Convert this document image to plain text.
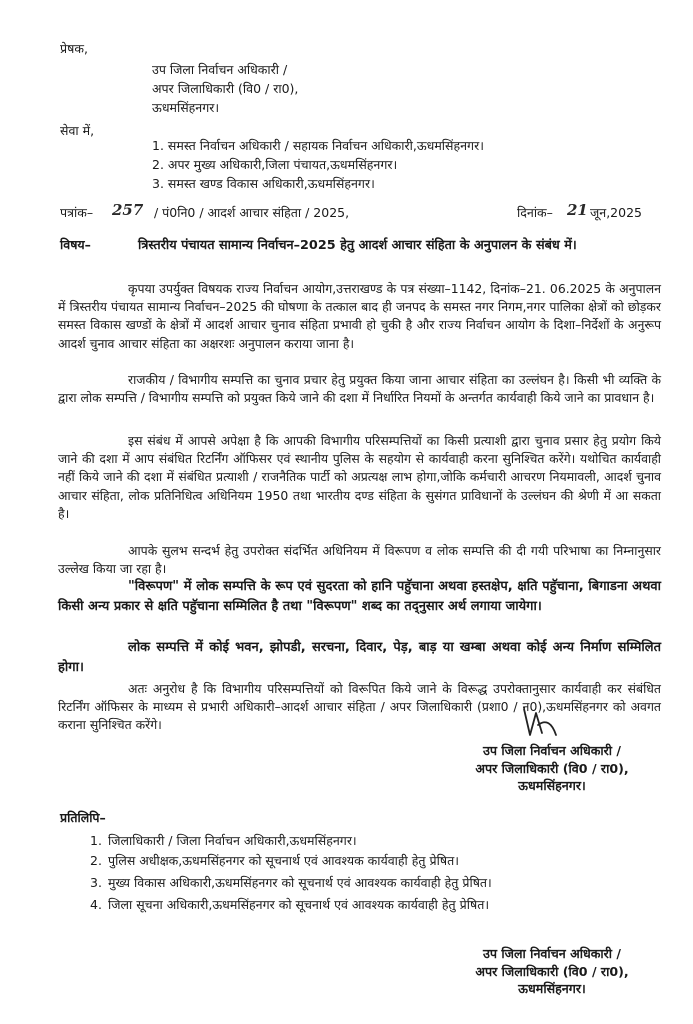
प्रेषक,
उप जिला निर्वाचन अधिकारी /
अपर जिलाधिकारी (वि0 / रा0),
ऊधमसिंहनगर।
सेवा में,
1. समस्त निर्वाचन अधिकारी / सहायक निर्वाचन अधिकारी,ऊधमसिंहनगर।
2. अपर मुख्य अधिकारी,जिला पंचायत,ऊधमसिंहनगर।
3. समस्त खण्ड विकास अधिकारी,ऊधमसिंहनगर।
पत्रांक– 257 / पं0नि0 / आदर्श आचार संहिता / 2025,	दिनांक– 21 जून,2025
विषय–	त्रिस्तरीय पंचायत सामान्य निर्वाचन–2025 हेतु आदर्श आचार संहिता के अनुपालन के संबंध में।
कृपया उपर्युक्त विषयक राज्य निर्वाचन आयोग,उत्तराखण्ड के पत्र संख्या–1142, दिनांक–21. 06.2025 के अनुपालन में त्रिस्तरीय पंचायत सामान्य निर्वाचन–2025 की घोषणा के तत्काल बाद ही जनपद के समस्त नगर निगम,नगर पालिका क्षेत्रों को छोड़कर समस्त विकास खण्डों के क्षेत्रों में आदर्श आचार चुनाव संहिता प्रभावी हो चुकी है और राज्य निर्वाचन आयोग के दिशा–निर्देशों के अनुरूप आदर्श चुनाव आचार संहिता का अक्षरशः अनुपालन कराया जाना है।
राजकीय / विभागीय सम्पत्ति का चुनाव प्रचार हेतु प्रयुक्त किया जाना आचार संहिता का उल्लंघन है। किसी भी व्यक्ति के द्वारा लोक सम्पत्ति / विभागीय सम्पत्ति को प्रयुक्त किये जाने की दशा में निर्धारित नियमों के अन्तर्गत कार्यवाही किये जाने का प्रावधान है।
इस संबंध में आपसे अपेक्षा है कि आपकी विभागीय परिसम्पत्तियों का किसी प्रत्याशी द्वारा चुनाव प्रसार हेतु प्रयोग किये जाने की दशा में आप संबंधित रिटर्निंग ऑफिसर एवं स्थानीय पुलिस के सहयोग से कार्यवाही करना सुनिश्चित करेंगे। यथोचित कार्यवाही नहीं किये जाने की दशा में संबंधित प्रत्याशी / राजनैतिक पार्टी को अप्रत्यक्ष लाभ होगा,जोकि कर्मचारी आचरण नियमावली, आदर्श चुनाव आचार संहिता, लोक प्रतिनिधित्व अधिनियम 1950 तथा भारतीय दण्ड संहिता के सुसंगत प्राविधानों के उल्लंघन की श्रेणी में आ सकता है।
आपके सुलभ सन्दर्भ हेतु उपरोक्त संदर्भित अधिनियम में विरूपण व लोक सम्पत्ति की दी गयी परिभाषा का निम्नानुसार उल्लेख किया जा रहा है।
"विरूपण" में लोक सम्पत्ति के रूप एवं सुदरता को हानि पहुॅचाना अथवा हस्तक्षेप, क्षति पहुॅचाना, बिगाडना अथवा किसी अन्य प्रकार से क्षति पहुॅचाना सम्मिलित है तथा "विरूपण" शब्द का तद्नुसार अर्थ लगाया जायेगा।
लोक सम्पत्ति में कोई भवन, झोपडी, सरचना, दिवार, पेड़, बाड़ या खम्बा अथवा कोई अन्य निर्माण सम्मिलित होगा।
अतः अनुरोध है कि विभागीय परिसम्पत्तियों को विरूपित किये जाने के विरूद्ध उपरोक्तानुसार कार्यवाही कर संबंधित रिटर्निंग ऑफिसर के माध्यम से प्रभारी अधिकारी–आदर्श आचार संहिता / अपर जिलाधिकारी (प्रशा0 / न0),ऊधमसिंहनगर को अवगत कराना सुनिश्चित करेंगे।
उप जिला निर्वाचन अधिकारी /
अपर जिलाधिकारी (वि0 / रा0),
ऊधमसिंहनगर।
प्रतिलिपि–
1. जिलाधिकारी / जिला निर्वाचन अधिकारी,ऊधमसिंहनगर।
2. पुलिस अधीक्षक,ऊधमसिंहनगर को सूचनार्थ एवं आवश्यक कार्यवाही हेतु प्रेषित।
3. मुख्य विकास अधिकारी,ऊधमसिंहनगर को सूचनार्थ एवं आवश्यक कार्यवाही हेतु प्रेषित।
4. जिला सूचना अधिकारी,ऊधमसिंहनगर को सूचनार्थ एवं आवश्यक कार्यवाही हेतु प्रेषित।
उप जिला निर्वाचन अधिकारी /
अपर जिलाधिकारी (वि0 / रा0),
ऊधमसिंहनगर।
